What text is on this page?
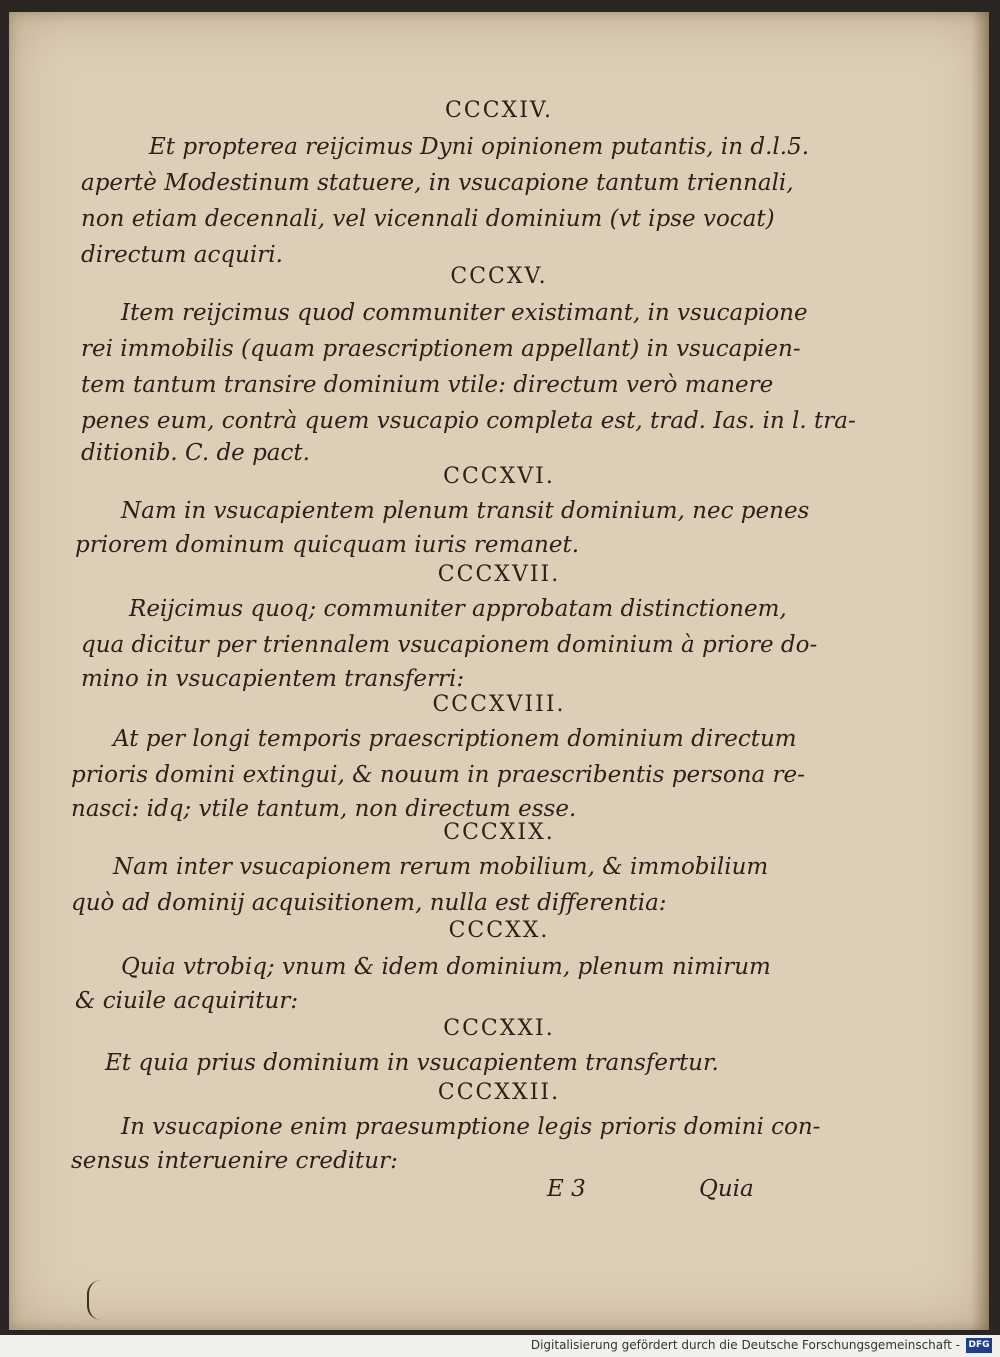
CCCXIV.
Et propterea reijcimus Dyni opinionem putantis, in d.l.5.
apertè Modestinum statuere, in vsucapione tantum triennali,
non etiam decennali, vel vicennali dominium (vt ipse vocat)
directum acquiri.
CCCXV.
Item reijcimus quod communiter existimant, in vsucapione
rei immobilis (quam praescriptionem appellant) in vsucapien-
tem tantum transire dominium vtile: directum verò manere
penes eum, contrà quem vsucapio completa est, trad. Ias. in l. tra-
ditionib. C. de pact.
CCCXVI.
Nam in vsucapientem plenum transit dominium, nec penes
priorem dominum quicquam iuris remanet.
CCCXVII.
Reijcimus quoq; communiter approbatam distinctionem,
qua dicitur per triennalem vsucapionem dominium à priore do-
mino in vsucapientem transferri:
CCCXVIII.
At per longi temporis praescriptionem dominium directum
prioris domini extingui, & nouum in praescribentis persona re-
nasci: idq; vtile tantum, non directum esse.
CCCXIX.
Nam inter vsucapionem rerum mobilium, & immobilium
quò ad dominij acquisitionem, nulla est differentia:
CCCXX.
Quia vtrobiq; vnum & idem dominium, plenum nimirum
& ciuile acquiritur:
CCCXXI.
Et quia prius dominium in vsucapientem transfertur.
CCCXXII.
In vsucapione enim praesumptione legis prioris domini con-
sensus interuenire creditur:
E 3	Quia
Digitalisierung gefördert durch die Deutsche Forschungsgemeinschaft - DFG
